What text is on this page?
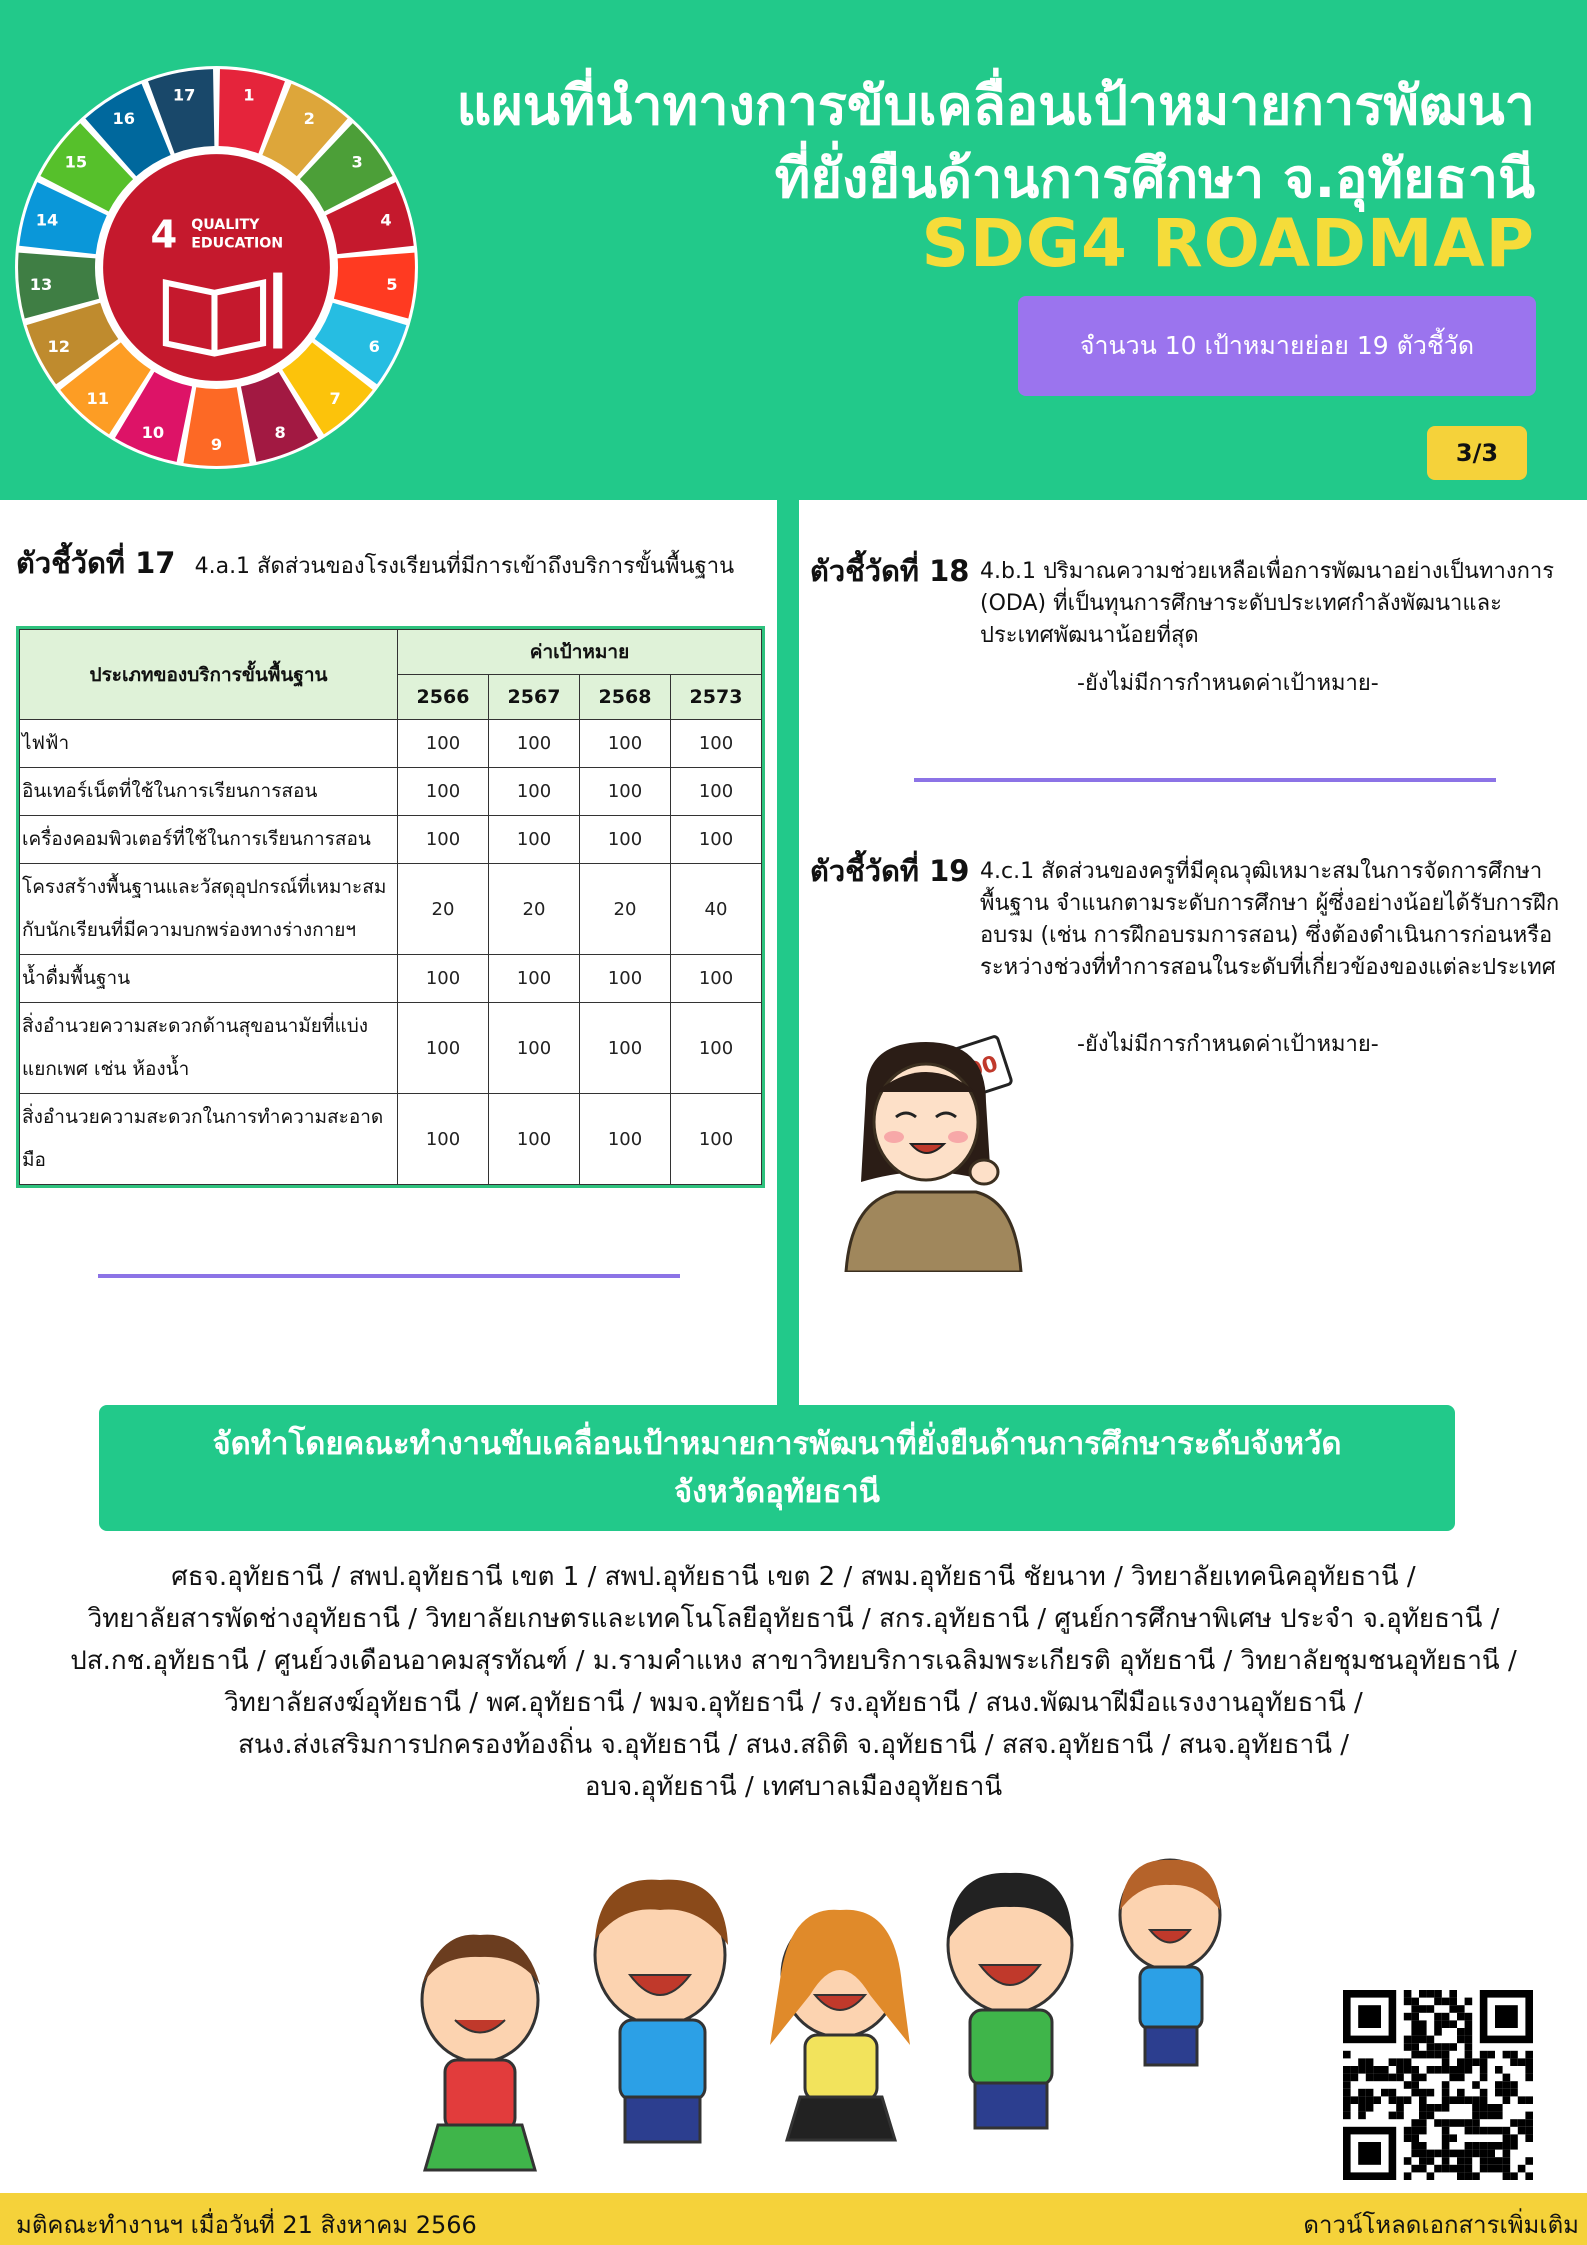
1
2
3
4
5
6
7
8
9
10
11
12
13
14
15
16
17
4 QUALITY
EDUCATION
แผนที่นำทางการขับเคลื่อนเป้าหมายการพัฒนา
ที่ยั่งยืนด้านการศึกษา จ.อุทัยธานี
SDG4 ROADMAP
จำนวน 10 เป้าหมายย่อย 19 ตัวชี้วัด
3/3
ตัวชี้วัดที่ 17 4.a.1 สัดส่วนของโรงเรียนที่มีการเข้าถึงบริการขั้นพื้นฐาน
ประเภทของบริการขั้นพื้นฐาน	ค่าเป้าหมาย			
	2566	2567	2568	2573
ไฟฟ้า	100	100	100	100
อินเทอร์เน็ตที่ใช้ในการเรียนการสอน	100	100	100	100
เครื่องคอมพิวเตอร์ที่ใช้ในการเรียนการสอน	100	100	100	100
โครงสร้างพื้นฐานและวัสดุอุปกรณ์ที่เหมาะสมกับนักเรียนที่มีความบกพร่องทางร่างกายฯ	20	20	20	40
น้ำดื่มพื้นฐาน	100	100	100	100
สิ่งอำนวยความสะดวกด้านสุขอนามัยที่แบ่งแยกเพศ เช่น ห้องน้ำ	100	100	100	100
สิ่งอำนวยความสะดวกในการทำความสะอาดมือ	100	100	100	100
ตัวชี้วัดที่ 18 4.b.1 ปริมาณความช่วยเหลือเพื่อการพัฒนาอย่างเป็นทางการ (ODA) ที่เป็นทุนการศึกษาระดับประเทศกำลังพัฒนาและประเทศพัฒนาน้อยที่สุด
-ยังไม่มีการกำหนดค่าเป้าหมาย-
ตัวชี้วัดที่ 19 4.c.1 สัดส่วนของครูที่มีคุณวุฒิเหมาะสมในการจัดการศึกษาพื้นฐาน จำแนกตามระดับการศึกษา ผู้ซึ่งอย่างน้อยได้รับการฝึกอบรม (เช่น การฝึกอบรมการสอน) ซึ่งต้องดำเนินการก่อนหรือระหว่างช่วงที่ทำการสอนในระดับที่เกี่ยวข้องของแต่ละประเทศ
-ยังไม่มีการกำหนดค่าเป้าหมาย-
จัดทำโดยคณะทำงานขับเคลื่อนเป้าหมายการพัฒนาที่ยั่งยืนด้านการศึกษาระดับจังหวัด
จังหวัดอุทัยธานี
ศธจ.อุทัยธานี / สพป.อุทัยธานี เขต 1 / สพป.อุทัยธานี เขต 2 / สพม.อุทัยธานี ชัยนาท / วิทยาลัยเทคนิคอุทัยธานี /
วิทยาลัยสารพัดช่างอุทัยธานี / วิทยาลัยเกษตรและเทคโนโลยีอุทัยธานี / สกร.อุทัยธานี / ศูนย์การศึกษาพิเศษ ประจำ จ.อุทัยธานี /
ปส.กช.อุทัยธานี / ศูนย์วงเดือนอาคมสุรทัณฑ์ / ม.รามคำแหง สาขาวิทยบริการเฉลิมพระเกียรติ อุทัยธานี / วิทยาลัยชุมชนอุทัยธานี /
วิทยาลัยสงฆ์อุทัยธานี / พศ.อุทัยธานี / พมจ.อุทัยธานี / รง.อุทัยธานี / สนง.พัฒนาฝีมือแรงงานอุทัยธานี /
สนง.ส่งเสริมการปกครองท้องถิ่น จ.อุทัยธานี / สนง.สถิติ จ.อุทัยธานี / สสจ.อุทัยธานี / สนจ.อุทัยธานี /
อบจ.อุทัยธานี / เทศบาลเมืองอุทัยธานี
มติคณะทำงานฯ เมื่อวันที่ 21 สิงหาคม 2566	ดาวน์โหลดเอกสารเพิ่มเติม
